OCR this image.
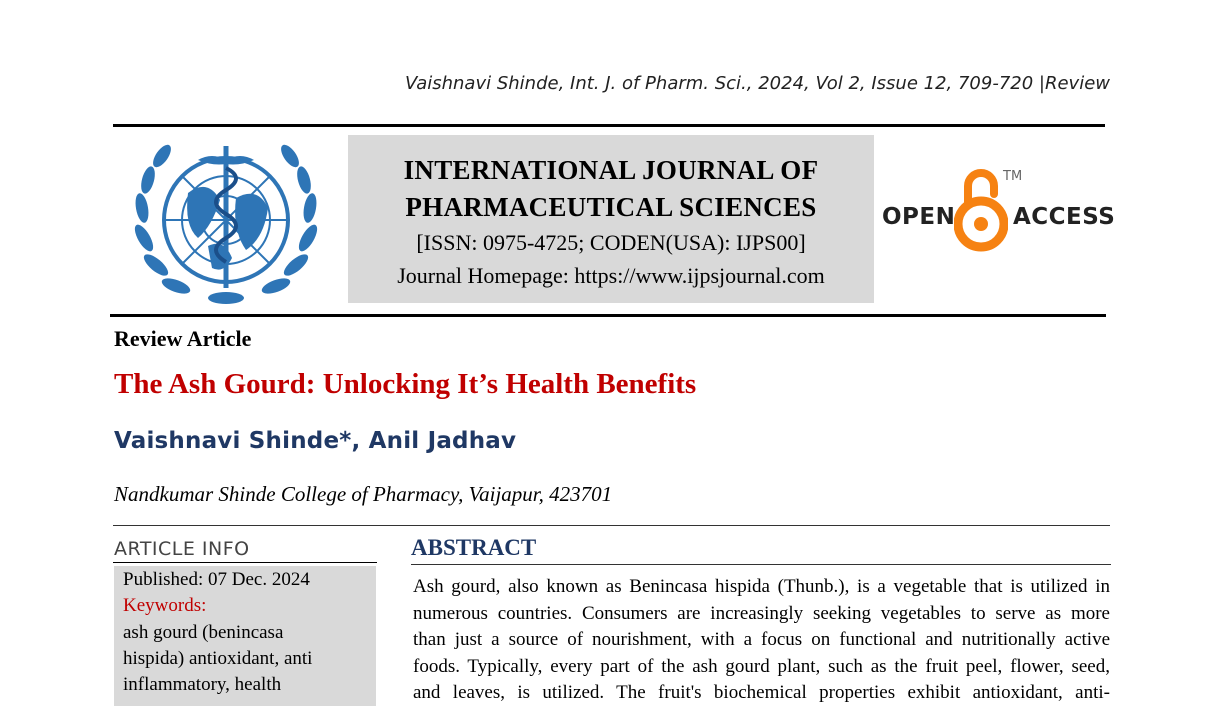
Vaishnavi Shinde, Int. J. of Pharm. Sci., 2024, Vol 2, Issue 12, 709-720 |Review
INTERNATIONAL JOURNAL OF
PHARMACEUTICAL SCIENCES
[ISSN: 0975-4725; CODEN(USA): IJPS00]
Journal Homepage: https://www.ijpsjournal.com
OPEN
TM
ACCESS
Review Article
The Ash Gourd: Unlocking It’s Health Benefits
Vaishnavi Shinde*, Anil Jadhav
Nandkumar Shinde College of Pharmacy, Vaijapur, 423701
ARTICLE INFO
Published: 07 Dec. 2024
Keywords:
ash gourd (benincasa
hispida) antioxidant, anti
inflammatory, health
ABSTRACT
Ash gourd, also known as Benincasa hispida (Thunb.), is a vegetable that is utilized in
numerous countries. Consumers are increasingly seeking vegetables to serve as more
than just a source of nourishment, with a focus on functional and nutritionally active
foods. Typically, every part of the ash gourd plant, such as the fruit peel, flower, seed,
and leaves, is utilized. The fruit's biochemical properties exhibit antioxidant, anti-
